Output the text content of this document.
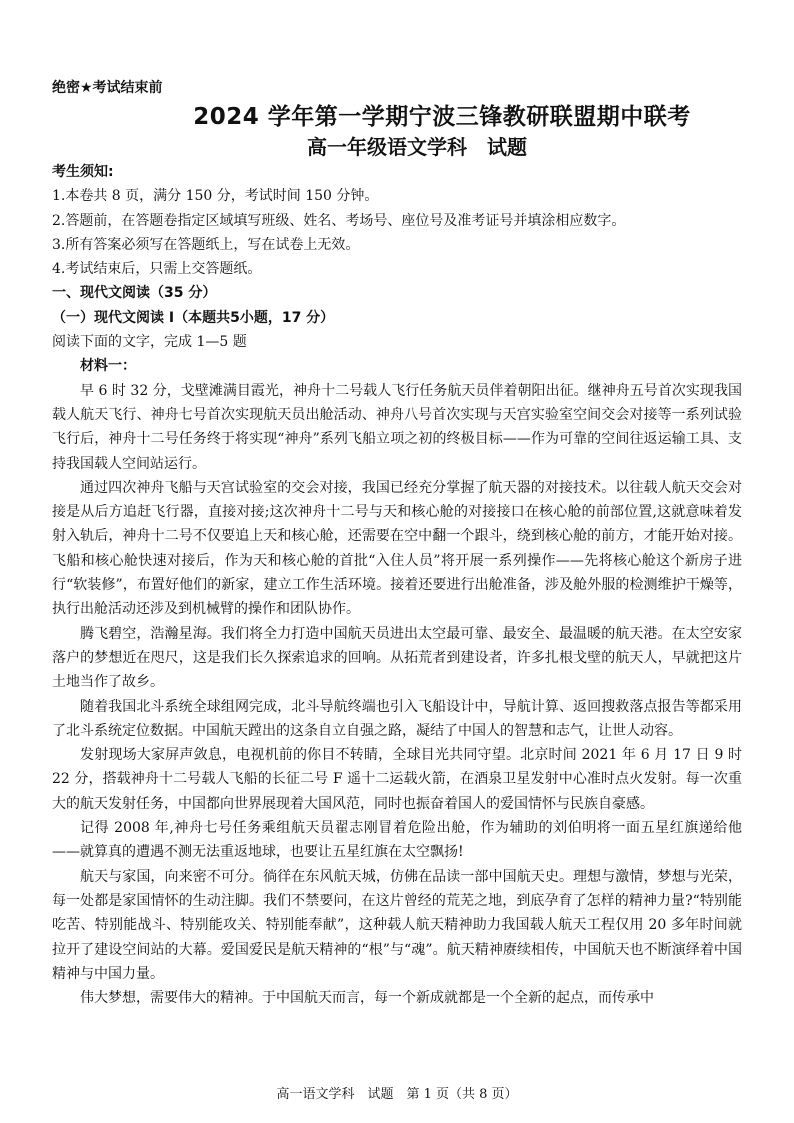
绝密★考试结束前
2024 学年第一学期宁波三锋教研联盟期中联考
高一年级语文学科　试题

考生须知:

1.本卷共 8 页，满分 150 分，考试时间 150 分钟。

2.答题前，在答题卷指定区域填写班级、姓名、考场号、座位号及准考证号并填涂相应数字。

3.所有答案必须写在答题纸上，写在试卷上无效。

4.考试结束后，只需上交答题纸。

一、现代文阅读（35 分）

（一）现代文阅读 I（本题共5小题，17 分）

阅读下面的文字，完成 1—5 题

材料一：

早 6 时 32 分，戈壁滩满目霞光，神舟十二号载人飞行任务航天员伴着朝阳出征。继神舟五号首次实现我国载人航天飞行、神舟七号首次实现航天员出舱活动、神舟八号首次实现与天宫实验室空间交会对接等一系列试验飞行后，神舟十二号任务终于将实现“神舟”系列飞船立项之初的终极目标——作为可靠的空间往返运输工具、支持我国载人空间站运行。

通过四次神舟飞船与天宫试验室的交会对接，我国已经充分掌握了航天器的对接技术。以往载人航天交会对接是从后方追赶飞行器，直接对接;这次神舟十二号与天和核心舱的对接接口在核心舱的前部位置,这就意味着发射入轨后，神舟十二号不仅要追上天和核心舱，还需要在空中翻一个跟斗，绕到核心舱的前方，才能开始对接。飞船和核心舱快速对接后，作为天和核心舱的首批“入住人员”将开展一系列操作——先将核心舱这个新房子进行“软装修”，布置好他们的新家，建立工作生活环境。接着还要进行出舱准备，涉及舱外服的检测维护干燥等，执行出舱活动还涉及到机械臂的操作和团队协作。

腾飞碧空，浩瀚星海。我们将全力打造中国航天员进出太空最可靠、最安全、最温暖的航天港。在太空安家落户的梦想近在咫尺，这是我们长久探索追求的回响。从拓荒者到建设者，许多扎根戈壁的航天人，早就把这片土地当作了故乡。

随着我国北斗系统全球组网完成，北斗导航终端也引入飞船设计中，导航计算、返回搜救落点报告等都采用了北斗系统定位数据。中国航天蹚出的这条自立自强之路，凝结了中国人的智慧和志气，让世人动容。

发射现场大家屏声敛息，电视机前的你目不转睛，全球目光共同守望。北京时间 2021 年 6 月 17 日 9 时 22 分，搭载神舟十二号载人飞船的长征二号 F 遥十二运载火箭，在酒泉卫星发射中心准时点火发射。每一次重大的航天发射任务，中国都向世界展现着大国风范，同时也振奋着国人的爱国情怀与民族自豪感。

记得 2008 年,神舟七号任务乘组航天员翟志刚冒着危险出舱，作为辅助的刘伯明将一面五星红旗递给他——就算真的遭遇不测无法重返地球，也要让五星红旗在太空飘扬!

航天与家国，向来密不可分。徜徉在东风航天城，仿佛在品读一部中国航天史。理想与激情，梦想与光荣，每一处都是家国情怀的生动注脚。我们不禁要问，在这片曾经的荒芜之地，到底孕育了怎样的精神力量?“特别能吃苦、特别能战斗、特别能攻关、特别能奉献”，这种载人航天精神助力我国载人航天工程仅用 20 多年时间就拉开了建设空间站的大幕。爱国爱民是航天精神的“根”与“魂”。航天精神赓续相传，中国航天也不断演绎着中国精神与中国力量。

伟大梦想，需要伟大的精神。于中国航天而言，每一个新成就都是一个全新的起点，而传承中

高一语文学科　试题　第 1 页（共 8 页）
